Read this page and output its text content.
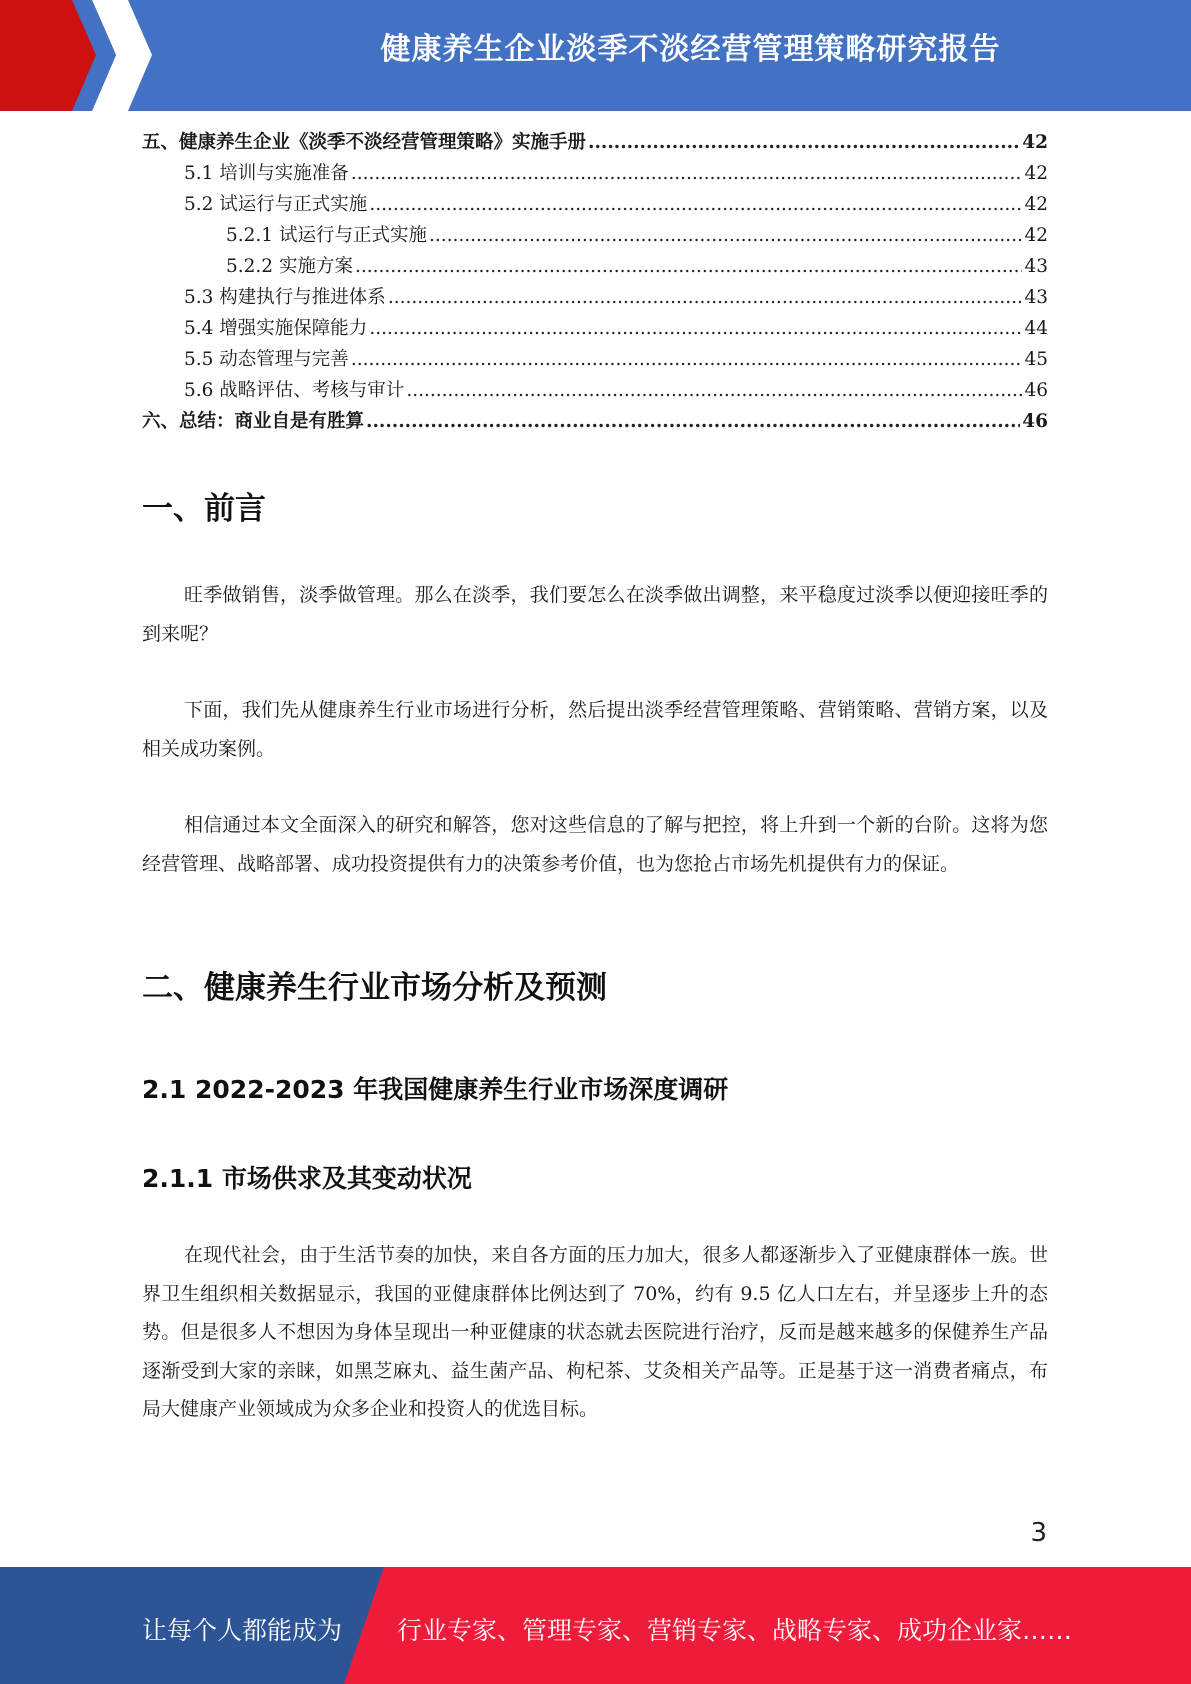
健康养生企业淡季不淡经营管理策略研究报告
五、健康养生企业《淡季不淡经营管理策略》实施手册 .....	42
5.1 培训与实施准备 .....	42
5.2 试运行与正式实施 .....	42
5.2.1 试运行与正式实施 .....	42
5.2.2 实施方案 .....	43
5.3 构建执行与推进体系 .....	43
5.4 增强实施保障能力 .....	44
5.5 动态管理与完善 .....	45
5.6 战略评估、考核与审计 .....	46
六、总结：商业自是有胜算 .....	46
一、前言
旺季做销售，淡季做管理。那么在淡季，我们要怎么在淡季做出调整，来平稳度过淡季以便迎接旺季的到来呢？
下面，我们先从健康养生行业市场进行分析，然后提出淡季经营管理策略、营销策略、营销方案，以及相关成功案例。
相信通过本文全面深入的研究和解答，您对这些信息的了解与把控，将上升到一个新的台阶。这将为您经营管理、战略部署、成功投资提供有力的决策参考价值，也为您抢占市场先机提供有力的保证。
二、健康养生行业市场分析及预测
2.1 2022-2023 年我国健康养生行业市场深度调研
2.1.1 市场供求及其变动状况
在现代社会，由于生活节奏的加快，来自各方面的压力加大，很多人都逐渐步入了亚健康群体一族。世界卫生组织相关数据显示，我国的亚健康群体比例达到了 70%，约有 9.5 亿人口左右，并呈逐步上升的态势。但是很多人不想因为身体呈现出一种亚健康的状态就去医院进行治疗，反而是越来越多的保健养生产品逐渐受到大家的亲睐，如黑芝麻丸、益生菌产品、枸杞茶、艾灸相关产品等。正是基于这一消费者痛点，布局大健康产业领域成为众多企业和投资人的优选目标。
3
让每个人都能成为 行业专家、管理专家、营销专家、战略专家、成功企业家……
